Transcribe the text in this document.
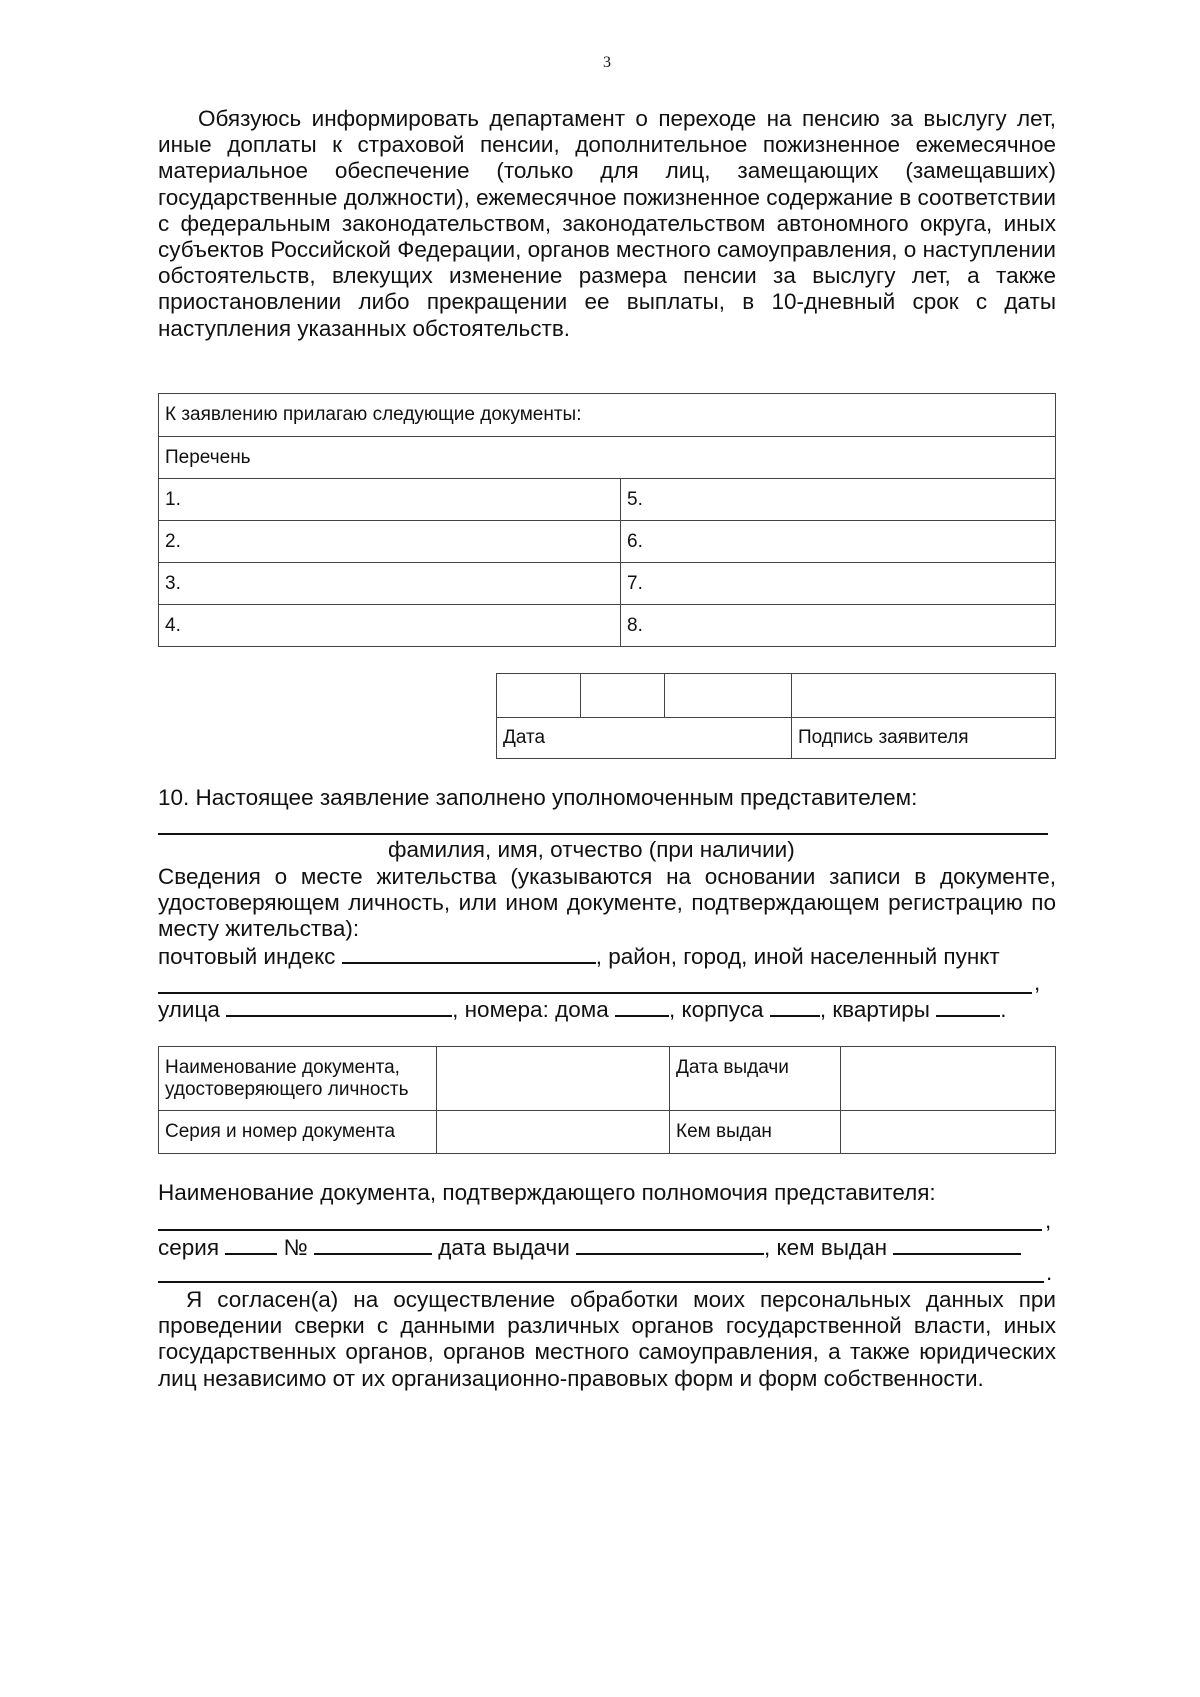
3

Обязуюсь информировать департамент о переходе на пенсию за выслугу лет, иные доплаты к страховой пенсии, дополнительное пожизненное ежемесячное материальное обеспечение (только для лиц, замещающих (замещавших) государственные должности), ежемесячное пожизненное содержание в соответствии с федеральным законодательством, законодательством автономного округа, иных субъектов Российской Федерации, органов местного самоуправления, о наступлении обстоятельств, влекущих изменение размера пенсии за выслугу лет, а также приостановлении либо прекращении ее выплаты, в 10-дневный срок с даты наступления указанных обстоятельств.

К заявлению прилагаю следующие документы:	
Перечень	
1.	5.
2.	6.
3.	7.
4.	8.

Дата			Подпись заявителя
10. Настоящее заявление заполнено уполномоченным представителем:
фамилия, имя, отчество (при наличии)

Сведения о месте жительства (указываются на основании записи в документе, удостоверяющем личность, или ином документе, подтверждающем регистрацию по месту жительства):

почтовый индекс	, район, город, иной населенный пункт
,
улица	, номера: дома	, корпуса	, квартиры	.
Наименование документа, удостоверяющего личность		Дата выдачи	
Серия и номер документа		Кем выдан	
Наименование документа, подтверждающего полномочия представителя:
,
серия	№	дата выдачи	, кем выдан
.

Я согласен(а) на осуществление обработки моих персональных данных при проведении сверки с данными различных органов государственной власти, иных государственных органов, органов местного самоуправления, а также юридических лиц независимо от их организационно-правовых форм и форм собственности.
